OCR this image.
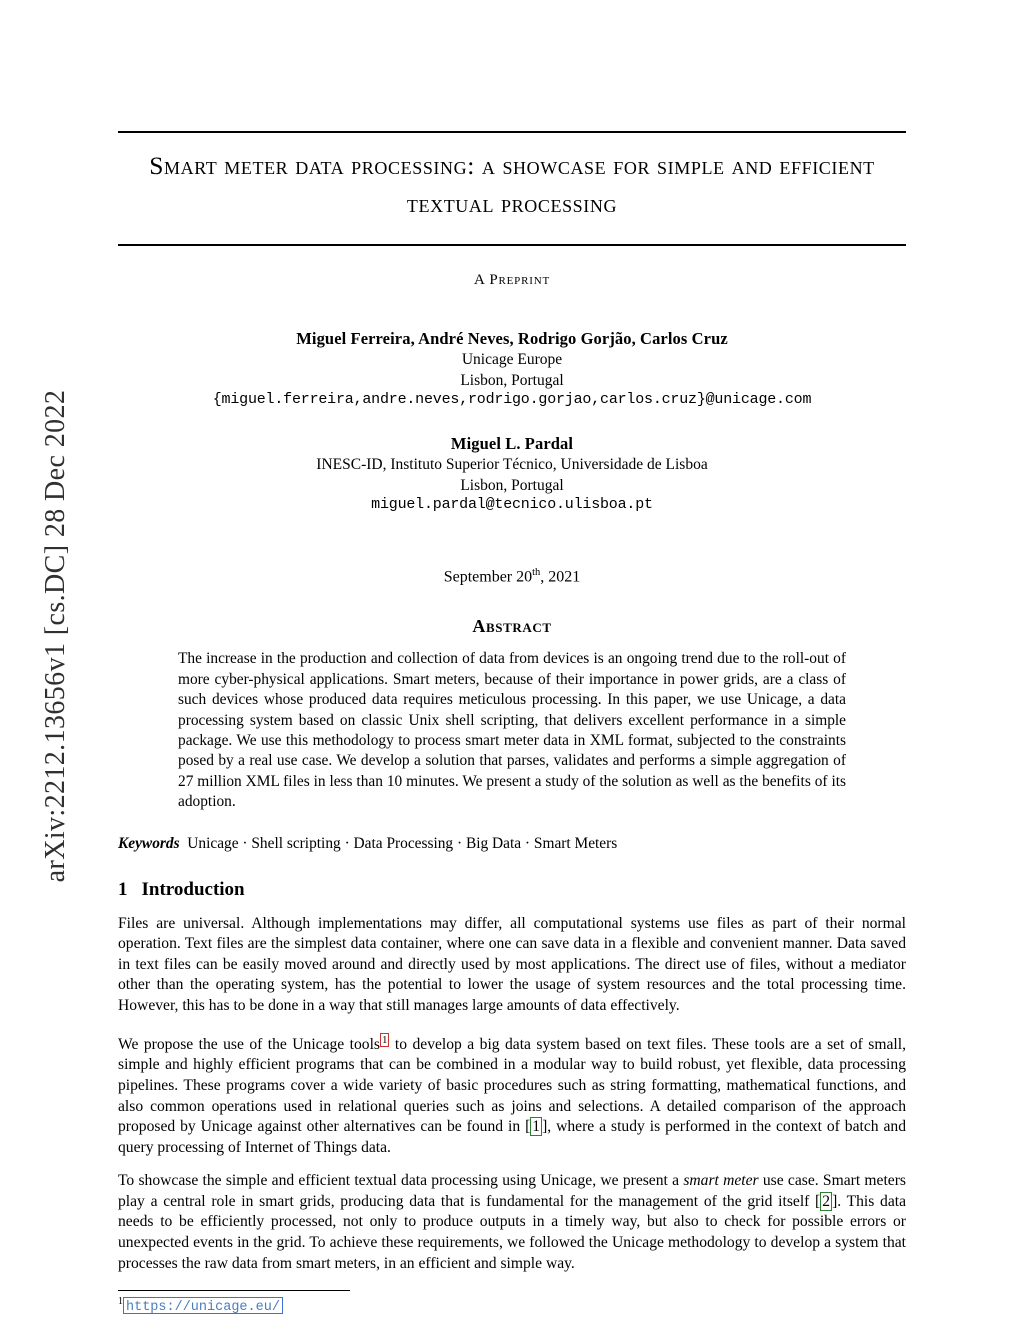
arXiv:2212.13656v1 [cs.DC] 28 Dec 2022
Smart meter data processing: a showcase for simple and efficient textual processing
A Preprint
Miguel Ferreira, André Neves, Rodrigo Gorjão, Carlos Cruz
Unicage Europe
Lisbon, Portugal
{miguel.ferreira,andre.neves,rodrigo.gorjao,carlos.cruz}@unicage.com
Miguel L. Pardal
INESC-ID, Instituto Superior Técnico, Universidade de Lisboa
Lisbon, Portugal
miguel.pardal@tecnico.ulisboa.pt
September 20th, 2021
Abstract
The increase in the production and collection of data from devices is an ongoing trend due to the roll-out of more cyber-physical applications. Smart meters, because of their importance in power grids, are a class of such devices whose produced data requires meticulous processing. In this paper, we use Unicage, a data processing system based on classic Unix shell scripting, that delivers excellent performance in a simple package. We use this methodology to process smart meter data in XML format, subjected to the constraints posed by a real use case. We develop a solution that parses, validates and performs a simple aggregation of 27 million XML files in less than 10 minutes. We present a study of the solution as well as the benefits of its adoption.
Keywords Unicage · Shell scripting · Data Processing · Big Data · Smart Meters
1 Introduction

Files are universal. Although implementations may differ, all computational systems use files as part of their normal operation. Text files are the simplest data container, where one can save data in a flexible and convenient manner. Data saved in text files can be easily moved around and directly used by most applications. The direct use of files, without a mediator other than the operating system, has the potential to lower the usage of system resources and the total processing time. However, this has to be done in a way that still manages large amounts of data effectively.

We propose the use of the Unicage tools $^1$ to develop a big data system based on text files. These tools are a set of small, simple and highly efficient programs that can be combined in a modular way to build robust, yet flexible, data processing pipelines. These programs cover a wide variety of basic procedures such as string formatting, mathematical functions, and also common operations used in relational queries such as joins and selections. A detailed comparison of the approach proposed by Unicage against other alternatives can be found in [ 1 ], where a study is performed in the context of batch and query processing of Internet of Things data.

To showcase the simple and efficient textual data processing using Unicage, we present a smart meter use case. Smart meters play a central role in smart grids, producing data that is fundamental for the management of the grid itself [ 2 ]. This data needs to be efficiently processed, not only to produce outputs in a timely way, but also to check for possible errors or unexpected events in the grid. To achieve these requirements, we followed the Unicage methodology to develop a system that processes the raw data from smart meters, in an efficient and simple way.

$^1$ https://unicage.eu/
